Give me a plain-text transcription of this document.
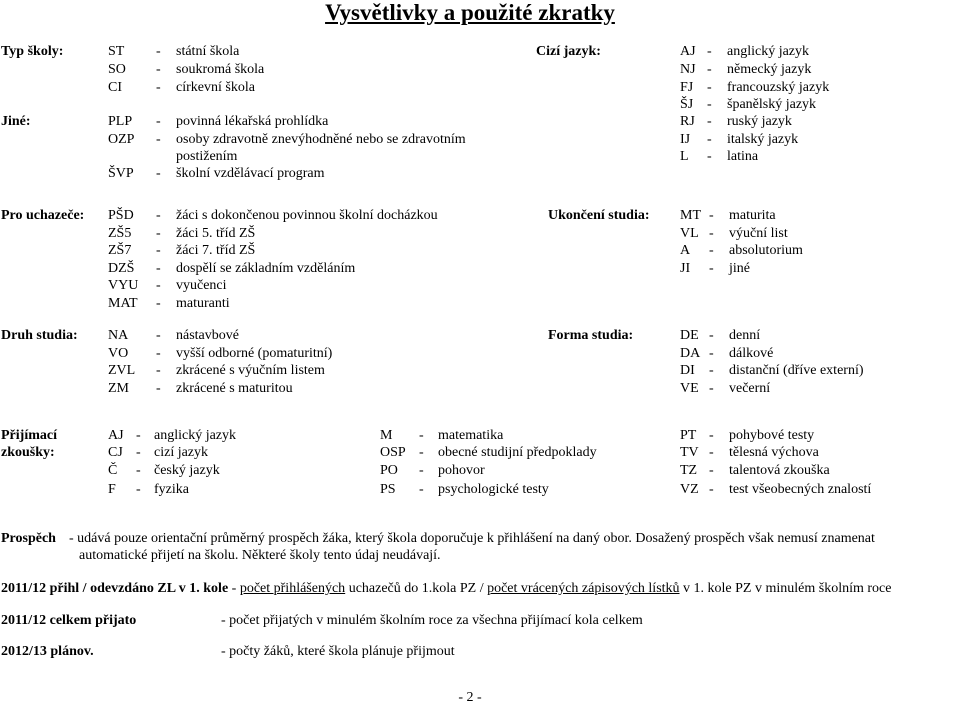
Vysvětlivky a použité zkratky
Typ školy:	ST - státní škola
SO - soukromá škola
CI - církevní škola
Jiné:	PLP - povinná lékařská prohlídka
OZP - osoby zdravotně znevýhodněné nebo se zdravotním
postižením
ŠVP - školní vzdělávací program
Cizí jazyk:	AJ - anglický jazyk
NJ - německý jazyk
FJ - francouzský jazyk
ŠJ - španělský jazyk
RJ - ruský jazyk
IJ - italský jazyk
L - latina
Pro uchazeče: PŠD - žáci s dokončenou povinnou školní docházkou
ZŠ5 - žáci 5. tříd ZŠ
ZŠ7 - žáci 7. tříd ZŠ
DZŠ - dospělí se základním vzděláním
VYU - vyučenci
MAT - maturanti
Ukončení studia: MT - maturita
VL - výuční list
A - absolutorium
JI - jiné
Druh studia: NA - nástavbové
VO - vyšší odborné (pomaturitní)
ZVL - zkrácené s výučním listem
ZM - zkrácené s maturitou
Forma studia:	DE - denní
DA - dálkové
DI - distanční (dříve externí)
VE - večerní
Přijímací
zkoušky:
AJ - anglický jazyk
CJ - cizí jazyk
Č - český jazyk
F - fyzika
M - matematika
OSP - obecné studijní předpoklady
PO - pohovor
PS - psychologické testy
PT - pohybové testy
TV - tělesná výchova
TZ - talentová zkouška
VZ - test všeobecných znalostí
Prospěch - udává pouze orientační průměrný prospěch žáka, který škola doporučuje k přihlášení na daný obor. Dosažený prospěch však nemusí znamenat
automatické přijetí na školu. Některé školy tento údaj neudávají.
2011/12 přihl / odevzdáno ZL v 1. kole - počet přihlášených uchazečů do 1.kola PZ / počet vrácených zápisových lístků v 1. kole PZ v minulém školním roce
2011/12 celkem přijato	- počet přijatých v minulém školním roce za všechna přijímací kola celkem
2012/13 plánov.	- počty žáků, které škola plánuje přijmout
- 2 -
